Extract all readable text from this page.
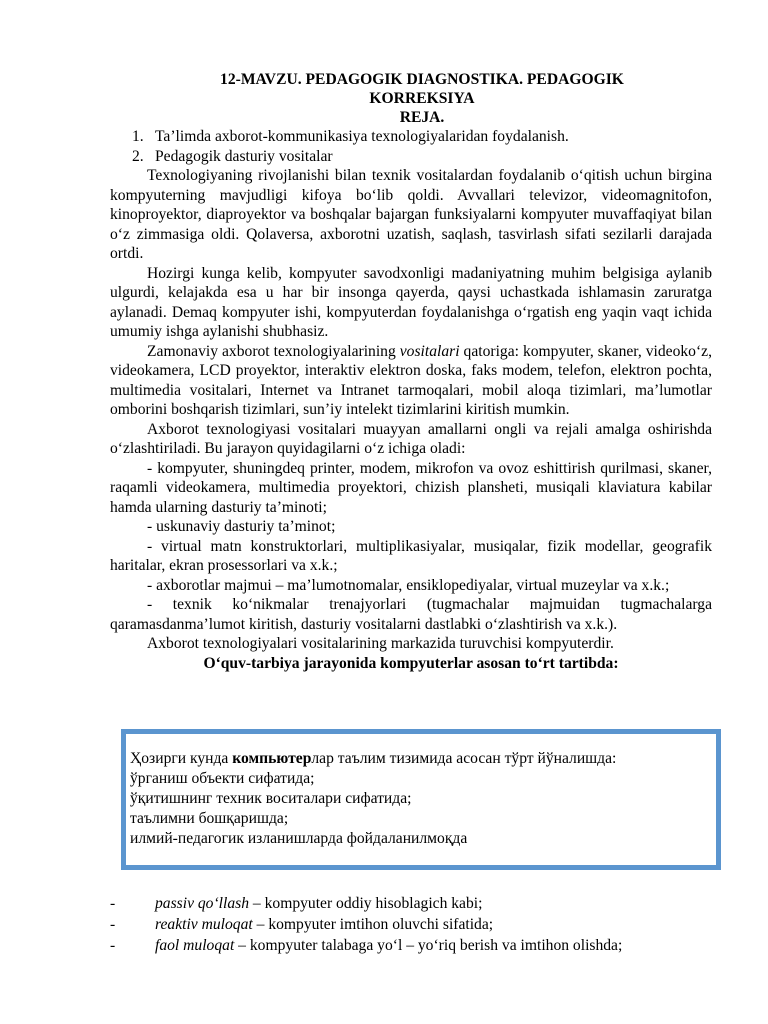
12-MAVZU. PEDAGOGIK DIAGNOSTIKA. PEDAGOGIK
KORREKSIYA
REJA.
1. Ta’limda axborot-kommunikasiya texnologiyalaridan foydalanish.
2. Pedagogik dasturiy vositalar

Texnologiyaning rivojlanishi bilan texnik vositalardan foydalanib o‘qitish uchun birgina kompyuterning mavjudligi kifoya bo‘lib qoldi. Avvallari televizor, videomagnitofon, kinoproyektor, diaproyektor va boshqalar bajargan funksiyalarni kompyuter muvaffaqiyat bilan o‘z zimmasiga oldi. Qolaversa, axborotni uzatish, saqlash, tasvirlash sifati sezilarli darajada ortdi.

Hozirgi kunga kelib, kompyuter savodxonligi madaniyatning muhim belgisiga aylanib ulgurdi, kelajakda esa u har bir insonga qayerda, qaysi uchastkada ishlamasin zaruratga aylanadi. Demaq kompyuter ishi, kompyuterdan foydalanishga o‘rgatish eng yaqin vaqt ichida umumiy ishga aylanishi shubhasiz.

Zamonaviy axborot texnologiyalarining vositalari qatoriga: kompyuter, skaner, videoko‘z, videokamera, LCD proyektor, interaktiv elektron doska, faks modem, telefon, elektron pochta, multimedia vositalari, Internet va Intranet tarmoqalari, mobil aloqa tizimlari, ma’lumotlar omborini boshqarish tizimlari, sun’iy intelekt tizimlarini kiritish mumkin.

Axborot texnologiyasi vositalari muayyan amallarni ongli va rejali amalga oshirishda o‘zlashtiriladi. Bu jarayon quyidagilarni o‘z ichiga oladi:

- kompyuter, shuningdeq printer, modem, mikrofon va ovoz eshittirish qurilmasi, skaner, raqamli videokamera, multimedia proyektori, chizish plansheti, musiqali klaviatura kabilar hamda ularning dasturiy ta’minoti;

- uskunaviy dasturiy ta’minot;

- virtual matn konstruktorlari, multiplikasiyalar, musiqalar, fizik modellar, geografik haritalar, ekran prosessorlari va x.k.;

- axborotlar majmui – ma’lumotnomalar, ensiklopediyalar, virtual muzeylar va x.k.;

- texnik ko‘nikmalar trenajyorlari (tugmachalar majmuidan tugmachalarga qaramasdanma’lumot kiritish, dasturiy vositalarni dastlabki o‘zlashtirish va x.k.).

Axborot texnologiyalari vositalarining markazida turuvchisi kompyuterdir.

O‘quv-tarbiya jarayonida kompyuterlar asosan to‘rt tartibda:

Ҳозирги кунда компьютерлар таълим тизимида асосан тўрт йўналишда:
ўрганиш объекти сифатида;
ўқитишнинг техник воситалари сифатида;
таълимни бошқаришда;
илмий-педагогик изланишларда фойдаланилмоқда
-	passiv qo‘llash – kompyuter oddiy hisoblagich kabi;
-	reaktiv muloqat – kompyuter imtihon oluvchi sifatida;
-	faol muloqat – kompyuter talabaga yo‘l – yo‘riq berish va imtihon olishda;
